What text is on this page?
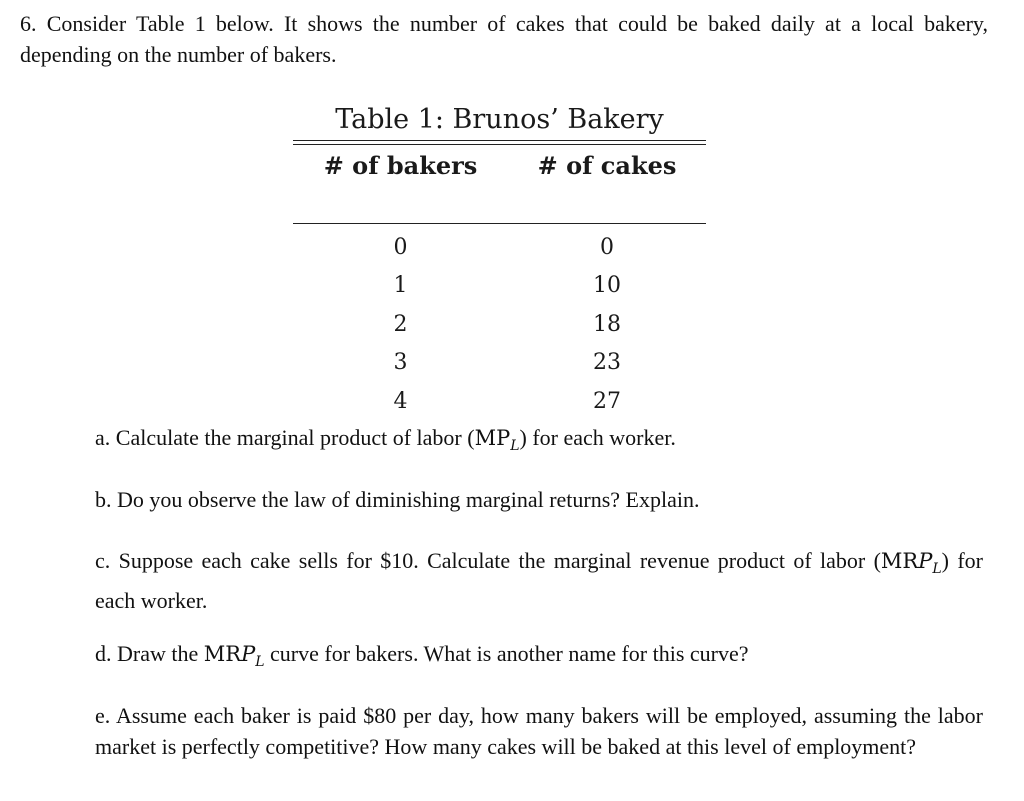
6. Consider Table 1 below. It shows the number of cakes that could be baked daily at a local bakery, depending on the number of bakers.
Table 1: Brunos’ Bakery
# of bakers	# of cakes
0	0
1	10
2	18
3	23
4	27
a. Calculate the marginal product of labor $(MP_L)$ for each worker.
b. Do you observe the law of diminishing marginal returns? Explain.
c. Suppose each cake sells for $10. Calculate the marginal revenue product of labor $(MRP_L)$ for each worker.
d. Draw the $MRP_L$ curve for bakers. What is another name for this curve?
e. Assume each baker is paid $80 per day, how many bakers will be employed, assuming the labor market is perfectly competitive? How many cakes will be baked at this level of employment?
